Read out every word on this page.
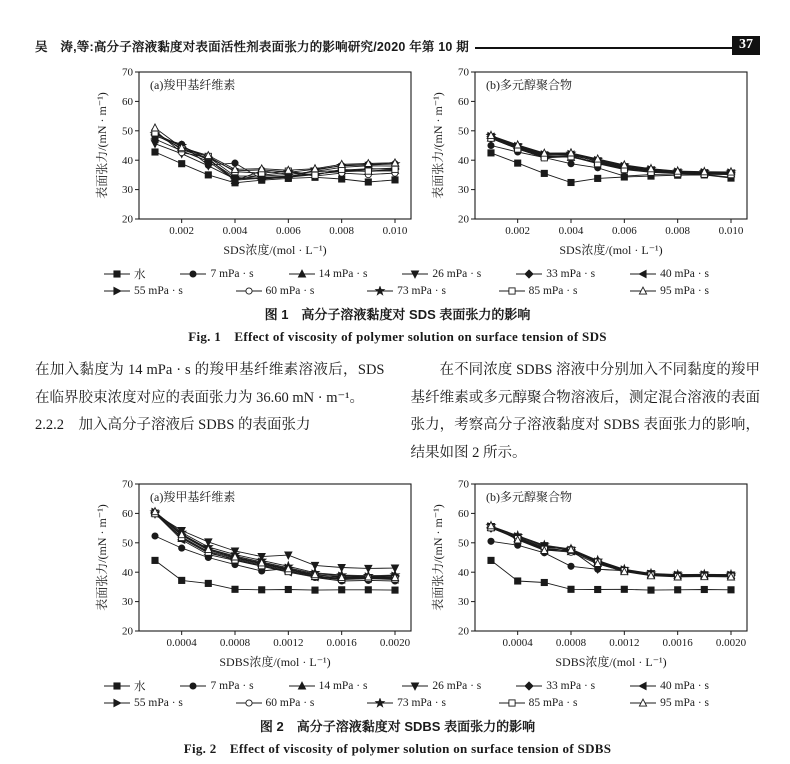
吴　涛,等:高分子溶液黏度对表面活性剂表面张力的影响研究/2020 年第 10 期	37
20
30
40
50
60
70
0.002	0.004	0.006	0.008	0.010
SDS浓度/(mol · L⁻¹)
表面张力/(mN · m⁻¹)
(a)羧甲基纤维素
20
30
40
50
60
70
0.002	0.004	0.006	0.008	0.010
SDS浓度/(mol · L⁻¹)
表面张力/(mN · m⁻¹)
(b)多元醇聚合物
水	7 mPa · s	14 mPa · s	26 mPa · s	33 mPa · s	40 mPa · s
55 mPa · s	60 mPa · s	73 mPa · s	85 mPa · s	95 mPa · s
图 1　高分子溶液黏度对 SDS 表面张力的影响
Fig. 1　Effect of viscosity of polymer solution on surface tension of SDS

在加入黏度为 14 mPa · s 的羧甲基纤维素溶液后，SDS 在临界胶束浓度对应的表面张力为 36.60 mN · m⁻¹。

2.2.2　加入高分子溶液后 SDBS 的表面张力

在不同浓度 SDBS 溶液中分别加入不同黏度的羧甲基纤维素或多元醇聚合物溶液后，测定混合溶液的表面张力，考察高分子溶液黏度对 SDBS 表面张力的影响，结果如图 2 所示。

20
30
40
50
60
70
0.0004 0.0008 0.0012 0.0016 0.0020
SDBS浓度/(mol · L⁻¹)
表面张力/(mN · m⁻¹)
(a)羧甲基纤维素
20
30
40
50
60
70
0.0004 0.0008 0.0012 0.0016 0.0020
SDBS浓度/(mol · L⁻¹)
表面张力/(mN · m⁻¹)
(b)多元醇聚合物
水	7 mPa · s	14 mPa · s	26 mPa · s	33 mPa · s	40 mPa · s
55 mPa · s	60 mPa · s	73 mPa · s	85 mPa · s	95 mPa · s
图 2　高分子溶液黏度对 SDBS 表面张力的影响
Fig. 2　Effect of viscosity of polymer solution on surface tension of SDBS
